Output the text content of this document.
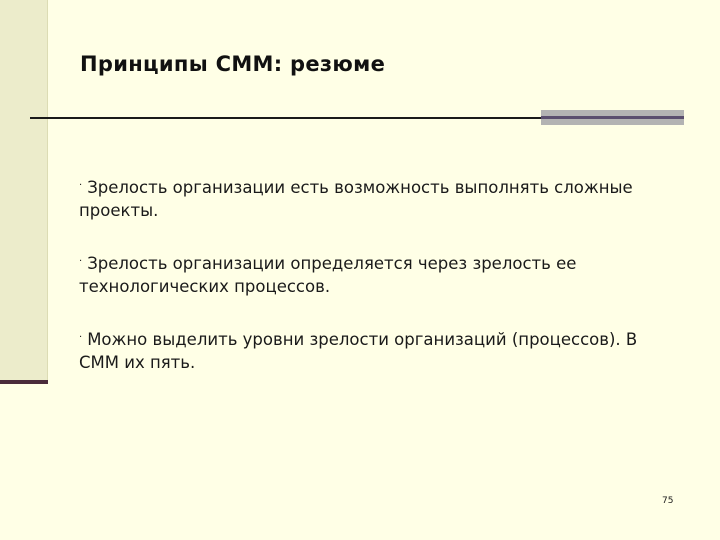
Принципы СММ: резюме
· Зрелость организации есть возможность выполнять сложные проекты.
· Зрелость организации определяется через зрелость ее технологических процессов.
· Можно выделить уровни зрелости организаций (процессов). В СММ их пять.
75
